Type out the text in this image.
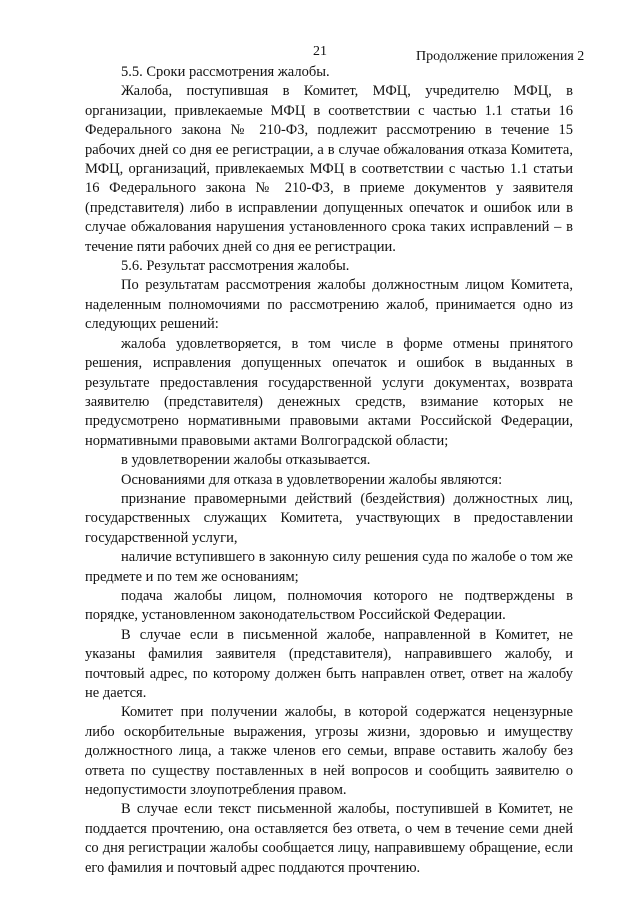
21	Продолжение приложения 2

5.5. Сроки рассмотрения жалобы.

Жалоба, поступившая в Комитет, МФЦ, учредителю МФЦ, в организации, привлекаемые МФЦ в соответствии с частью 1.1 статьи 16 Федерального закона № 210-ФЗ, подлежит рассмотрению в течение 15 рабочих дней со дня ее регистрации, а в случае обжалования отказа Комитета, МФЦ, организаций, привлекаемых МФЦ в соответствии с частью 1.1 статьи 16 Федерального закона № 210-ФЗ, в приеме документов у заявителя (представителя) либо в исправлении допущенных опечаток и ошибок или в случае обжалования нарушения установленного срока таких исправлений – в течение пяти рабочих дней со дня ее регистрации.

5.6. Результат рассмотрения жалобы.

По результатам рассмотрения жалобы должностным лицом Комитета, наделенным полномочиями по рассмотрению жалоб, принимается одно из следующих решений:

жалоба удовлетворяется, в том числе в форме отмены принятого решения, исправления допущенных опечаток и ошибок в выданных в результате предоставления государственной услуги документах, возврата заявителю (представителя) денежных средств, взимание которых не предусмотрено нормативными правовыми актами Российской Федерации, нормативными правовыми актами Волгоградской области;

в удовлетворении жалобы отказывается.

Основаниями для отказа в удовлетворении жалобы являются:

признание правомерными действий (бездействия) должностных лиц, государственных служащих Комитета, участвующих в предоставлении государственной услуги,

наличие вступившего в законную силу решения суда по жалобе о том же предмете и по тем же основаниям;

подача жалобы лицом, полномочия которого не подтверждены в порядке, установленном законодательством Российской Федерации.

В случае если в письменной жалобе, направленной в Комитет, не указаны фамилия заявителя (представителя), направившего жалобу, и почтовый адрес, по которому должен быть направлен ответ, ответ на жалобу не дается.

Комитет при получении жалобы, в которой содержатся нецензурные либо оскорбительные выражения, угрозы жизни, здоровью и имуществу должностного лица, а также членов его семьи, вправе оставить жалобу без ответа по существу поставленных в ней вопросов и сообщить заявителю о недопустимости злоупотребления правом.

В случае если текст письменной жалобы, поступившей в Комитет, не поддается прочтению, она оставляется без ответа, о чем в течение семи дней со дня регистрации жалобы сообщается лицу, направившему обращение, если его фамилия и почтовый адрес поддаются прочтению.
